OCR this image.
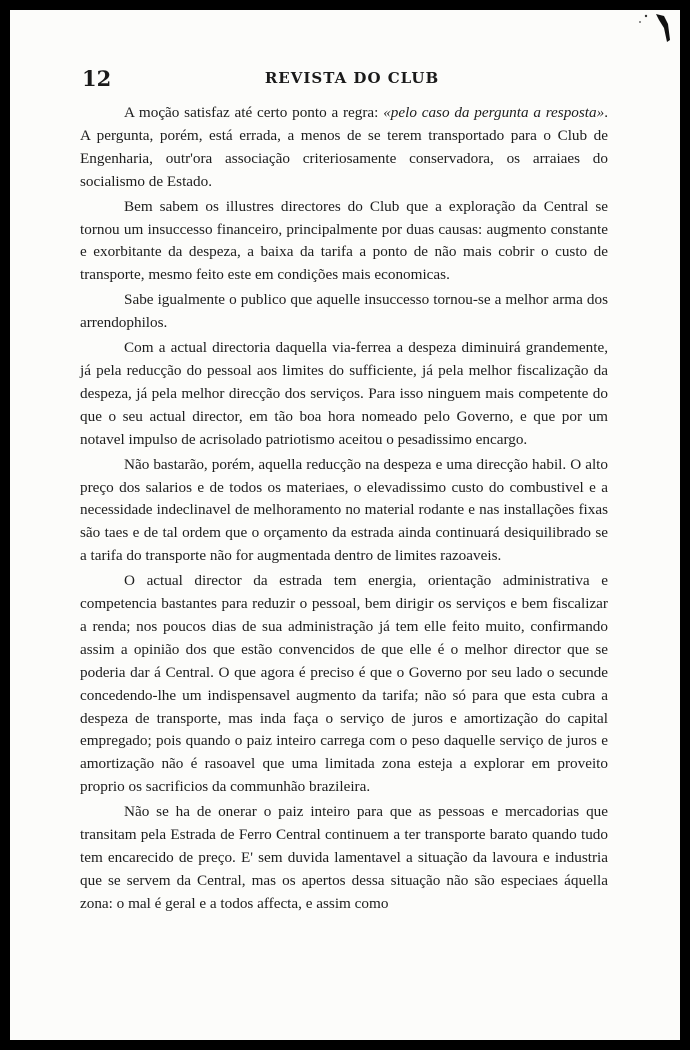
12	REVISTA DO CLUB

A moção satisfaz até certo ponto a regra: «pelo caso da pergunta a resposta». A pergunta, porém, está errada, a menos de se terem transportado para o Club de Engenharia, outr'ora associação criteriosamente conservadora, os arraiaes do socialismo de Estado.

Bem sabem os illustres directores do Club que a exploração da Central se tornou um insuccesso financeiro, principalmente por duas causas: augmento constante e exorbitante da despeza, a baixa da tarifa a ponto de não mais cobrir o custo de transporte, mesmo feito este em condições mais economicas.

Sabe igualmente o publico que aquelle insuccesso tornou-se a melhor arma dos arrendophilos.

Com a actual directoria daquella via-ferrea a despeza diminuirá grandemente, já pela reducção do pessoal aos limites do sufficiente, já pela melhor fiscalização da despeza, já pela melhor direcção dos serviços. Para isso ninguem mais competente do que o seu actual director, em tão boa hora nomeado pelo Governo, e que por um notavel impulso de acrisolado patriotismo aceitou o pesadissimo encargo.

Não bastarão, porém, aquella reducção na despeza e uma direcção habil. O alto preço dos salarios e de todos os materiaes, o elevadissimo custo do combustivel e a necessidade indeclinavel de melhoramento no material rodante e nas installações fixas são taes e de tal ordem que o orçamento da estrada ainda continuará desiquilibrado se a tarifa do transporte não for augmentada dentro de limites razoaveis.

O actual director da estrada tem energia, orientação administrativa e competencia bastantes para reduzir o pessoal, bem dirigir os serviços e bem fiscalizar a renda; nos poucos dias de sua administração já tem elle feito muito, confirmando assim a opinião dos que estão convencidos de que elle é o melhor director que se poderia dar á Central. O que agora é preciso é que o Governo por seu lado o secunde concedendo-lhe um indispensavel augmento da tarifa; não só para que esta cubra a despeza de transporte, mas inda faça o serviço de juros e amortização do capital empregado; pois quando o paiz inteiro carrega com o peso daquelle serviço de juros e amortização não é rasoavel que uma limitada zona esteja a explorar em proveito proprio os sacrificios da communhão brazileira.

Não se ha de onerar o paiz inteiro para que as pessoas e mercadorias que transitam pela Estrada de Ferro Central continuem a ter transporte barato quando tudo tem encarecido de preço. E' sem duvida lamentavel a situação da lavoura e industria que se servem da Central, mas os apertos dessa situação não são especiaes áquella zona: o mal é geral e a todos affecta, e assim como
